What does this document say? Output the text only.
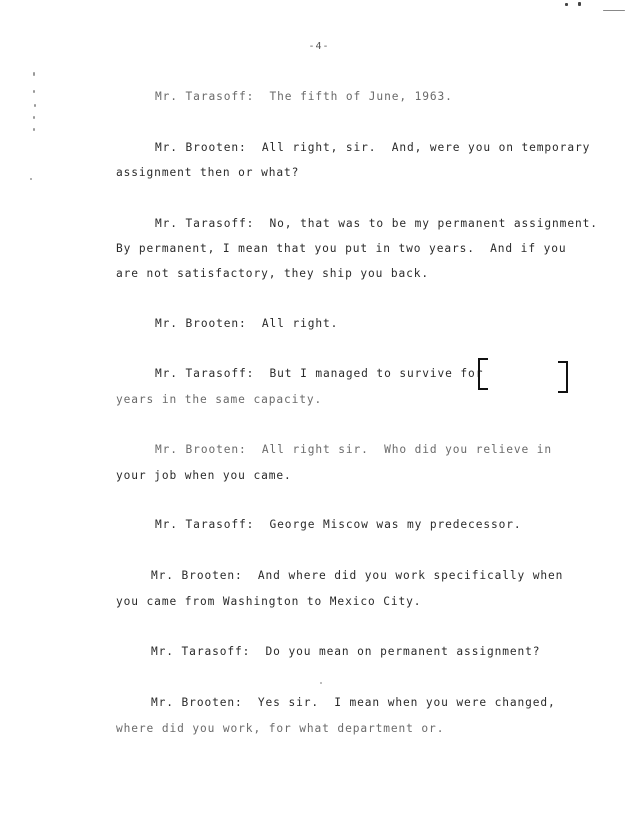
-4-
Mr. Tarasoff:  The fifth of June, 1963.
Mr. Brooten:  All right, sir.  And, were you on temporary
assignment then or what?
Mr. Tarasoff:  No, that was to be my permanent assignment.
By permanent, I mean that you put in two years.  And if you
are not satisfactory, they ship you back.
Mr. Brooten:  All right.
Mr. Tarasoff:  But I managed to survive for
years in the same capacity.
Mr. Brooten:  All right sir.  Who did you relieve in
your job when you came.
Mr. Tarasoff:  George Miscow was my predecessor.
Mr. Brooten:  And where did you work specifically when
you came from Washington to Mexico City.
Mr. Tarasoff:  Do you mean on permanent assignment?
Mr. Brooten:  Yes sir.  I mean when you were changed,
where did you work, for what department or.
